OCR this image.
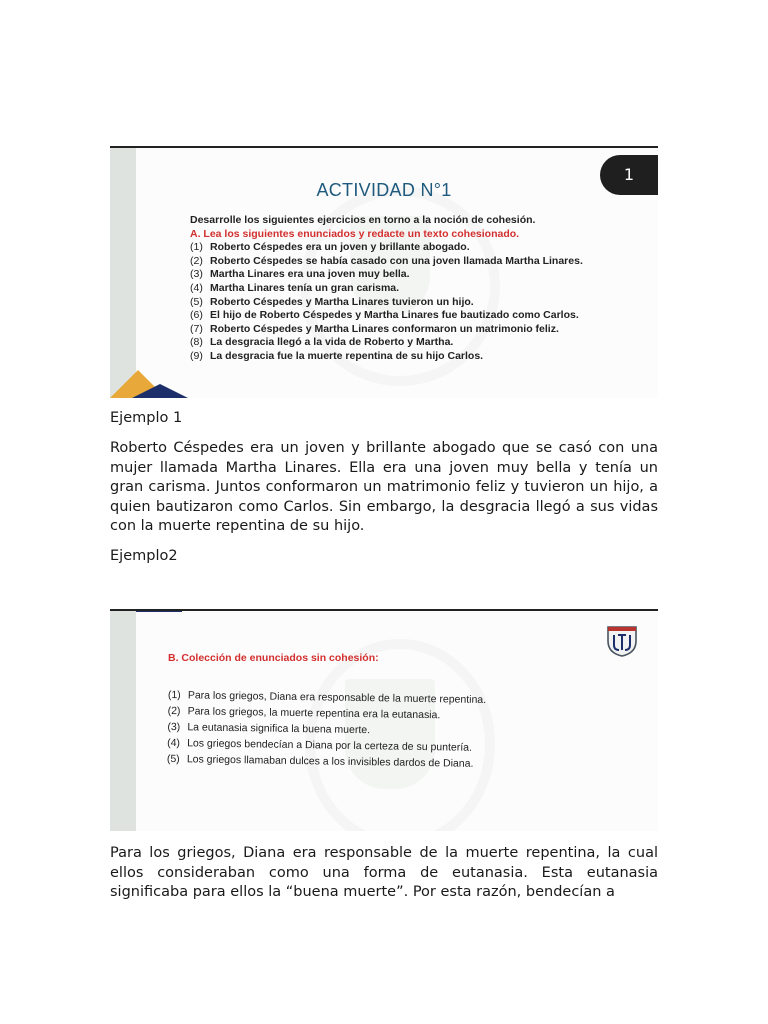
1
ACTIVIDAD N°1
Desarrolle los siguientes ejercicios en torno a la noción de cohesión.
A. Lea los siguientes enunciados y redacte un texto cohesionado.
(1) Roberto Céspedes era un joven y brillante abogado.
(2) Roberto Céspedes se había casado con una joven llamada Martha Linares.
(3) Martha Linares era una joven muy bella.
(4) Martha Linares tenía un gran carisma.
(5) Roberto Céspedes y Martha Linares tuvieron un hijo.
(6) El hijo de Roberto Céspedes y Martha Linares fue bautizado como Carlos.
(7) Roberto Céspedes y Martha Linares conformaron un matrimonio feliz.
(8) La desgracia llegó a la vida de Roberto y Martha.
(9) La desgracia fue la muerte repentina de su hijo Carlos.
Ejemplo 1

Roberto Céspedes era un joven y brillante abogado que se casó con una mujer llamada Martha Linares. Ella era una joven muy bella y tenía un gran carisma. Juntos conformaron un matrimonio feliz y tuvieron un hijo, a quien bautizaron como Carlos. Sin embargo, la desgracia llegó a sus vidas con la muerte repentina de su hijo.

Ejemplo2
B. Colección de enunciados sin cohesión:
(1) Para los griegos, Diana era responsable de la muerte repentina.
(2) Para los griegos, la muerte repentina era la eutanasia.
(3) La eutanasia significa la buena muerte.
(4) Los griegos bendecían a Diana por la certeza de su puntería.
(5) Los griegos llamaban dulces a los invisibles dardos de Diana.

Para los griegos, Diana era responsable de la muerte repentina, la cual ellos consideraban como una forma de eutanasia. Esta eutanasia significaba para ellos la “buena muerte”. Por esta razón, bendecían a
